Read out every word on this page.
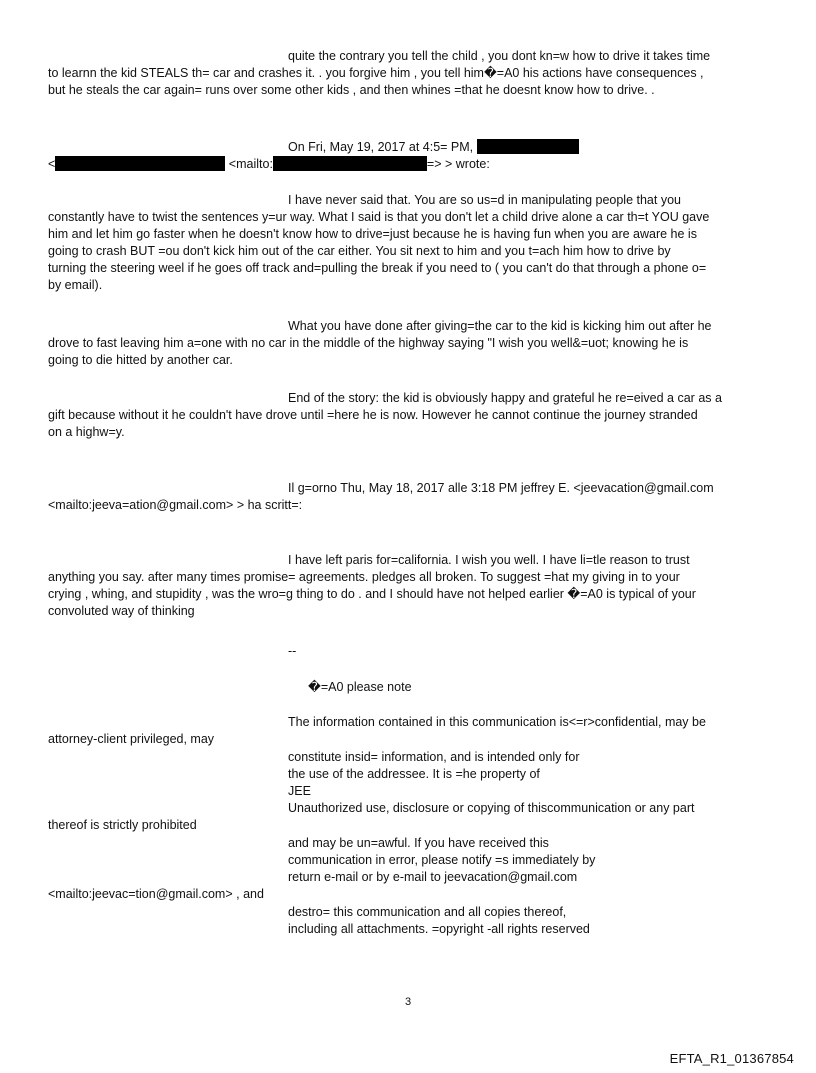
quite the contrary you tell the child , you dont kn=w how to drive it takes time

to learnn the kid STEALS th= car and crashes it. . you forgive him , you tell him�=A0 his actions have consequences ,

but he steals the car again= runs over some other kids , and then whines =that he doesnt know how to drive. .

On Fri, May 19, 2017 at 4:5= PM,

<	<mailto:	=> > wrote:

I have never said that. You are so us=d in manipulating people that you

constantly have to twist the sentences y=ur way. What I said is that you don't let a child drive alone a car th=t YOU gave

him and let him go faster when he doesn't know how to drive=just because he is having fun when you are aware he is

going to crash BUT =ou don't kick him out of the car either. You sit next to him and you t=ach him how to drive by

turning the steering weel if he goes off track and=pulling the break if you need to ( you can't do that through a phone o=

by email).

What you have done after giving=the car to the kid is kicking him out after he

drove to fast leaving him a=one with no car in the middle of the highway saying "I wish you well&=uot; knowing he is

going to die hitted by another car.

End of the story: the kid is obviously happy and grateful he re=eived a car as a

gift because without it he couldn't have drove until =here he is now. However he cannot continue the journey stranded

on a highw=y.

Il g=orno Thu, May 18, 2017 alle 3:18 PM jeffrey E. <jeevacation@gmail.com

<mailto:jeeva=ation@gmail.com> > ha scritt=:

I have left paris for=california. I wish you well. I have li=tle reason to trust

anything you say. after many times promise= agreements. pledges all broken. To suggest =hat my giving in to your

crying , whing, and stupidity , was the wro=g thing to do . and I should have not helped earlier �=A0 is typical of your

convoluted way of thinking

--

�=A0 please note

The information contained in this communication is<=r>confidential, may be

attorney-client privileged, may

constitute insid= information, and is intended only for

the use of the addressee. It is =he property of

JEE

Unauthorized use, disclosure or copying of thiscommunication or any part

thereof is strictly prohibited

and may be un=awful. If you have received this

communication in error, please notify =s immediately by

return e-mail or by e-mail to jeevacation@gmail.com

<mailto:jeevac=tion@gmail.com> , and

destro= this communication and all copies thereof,

including all attachments. =opyright -all rights reserved

3
EFTA_R1_01367854
